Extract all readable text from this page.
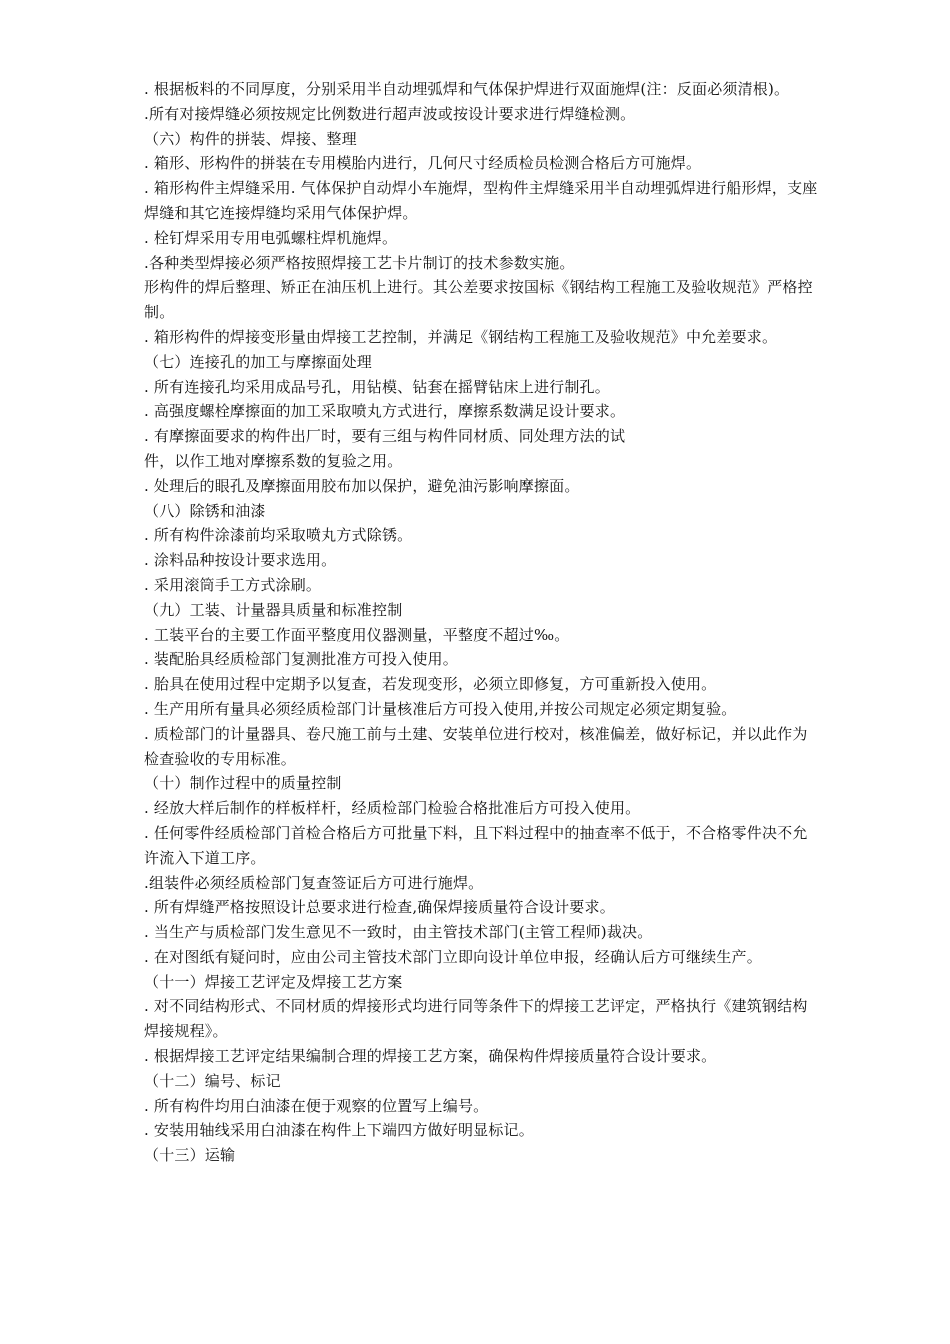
. 根据板料的不同厚度，分别采用半自动埋弧焊和气体保护焊进行双面施焊(注：反面必须清根)。

.所有对接焊缝必须按规定比例数进行超声波或按设计要求进行焊缝检测。

（六）构件的拼装、焊接、整理

. 箱形、形构件的拼装在专用模胎内进行，几何尺寸经质检员检测合格后方可施焊。

. 箱形构件主焊缝采用. 气体保护自动焊小车施焊，型构件主焊缝采用半自动埋弧焊进行船形焊，支座焊缝和其它连接焊缝均采用气体保护焊。

. 栓钉焊采用专用电弧螺柱焊机施焊。

.各种类型焊接必须严格按照焊接工艺卡片制订的技术参数实施。

形构件的焊后整理、矫正在油压机上进行。其公差要求按国标《钢结构工程施工及验收规范》严格控制。

. 箱形构件的焊接变形量由焊接工艺控制，并满足《钢结构工程施工及验收规范》中允差要求。

（七）连接孔的加工与摩擦面处理

. 所有连接孔均采用成品号孔，用钻模、钻套在摇臂钻床上进行制孔。

. 高强度螺栓摩擦面的加工采取喷丸方式进行，摩擦系数满足设计要求。

. 有摩擦面要求的构件出厂时，要有三组与构件同材质、同处理方法的试

件，以作工地对摩擦系数的复验之用。

. 处理后的眼孔及摩擦面用胶布加以保护，避免油污影响摩擦面。

（八）除锈和油漆

. 所有构件涂漆前均采取喷丸方式除锈。

. 涂料品种按设计要求选用。

. 采用滚筒手工方式涂刷。

（九）工装、计量器具质量和标准控制

. 工装平台的主要工作面平整度用仪器测量，平整度不超过‰。

. 装配胎具经质检部门复测批准方可投入使用。

. 胎具在使用过程中定期予以复查，若发现变形，必须立即修复，方可重新投入使用。

. 生产用所有量具必须经质检部门计量核准后方可投入使用,并按公司规定必须定期复验。

. 质检部门的计量器具、卷尺施工前与土建、安装单位进行校对，核准偏差，做好标记，并以此作为检查验收的专用标准。

（十）制作过程中的质量控制

. 经放大样后制作的样板样杆，经质检部门检验合格批准后方可投入使用。

. 任何零件经质检部门首检合格后方可批量下料，且下料过程中的抽查率不低于，不合格零件决不允许流入下道工序。

.组装件必须经质检部门复查签证后方可进行施焊。

. 所有焊缝严格按照设计总要求进行检查,确保焊接质量符合设计要求。

. 当生产与质检部门发生意见不一致时，由主管技术部门(主管工程师)裁决。

. 在对图纸有疑问时，应由公司主管技术部门立即向设计单位申报，经确认后方可继续生产。

（十一）焊接工艺评定及焊接工艺方案

. 对不同结构形式、不同材质的焊接形式均进行同等条件下的焊接工艺评定，严格执行《建筑钢结构焊接规程》。

. 根据焊接工艺评定结果编制合理的焊接工艺方案，确保构件焊接质量符合设计要求。

（十二）编号、标记

. 所有构件均用白油漆在便于观察的位置写上编号。

. 安装用轴线采用白油漆在构件上下端四方做好明显标记。

（十三）运输
